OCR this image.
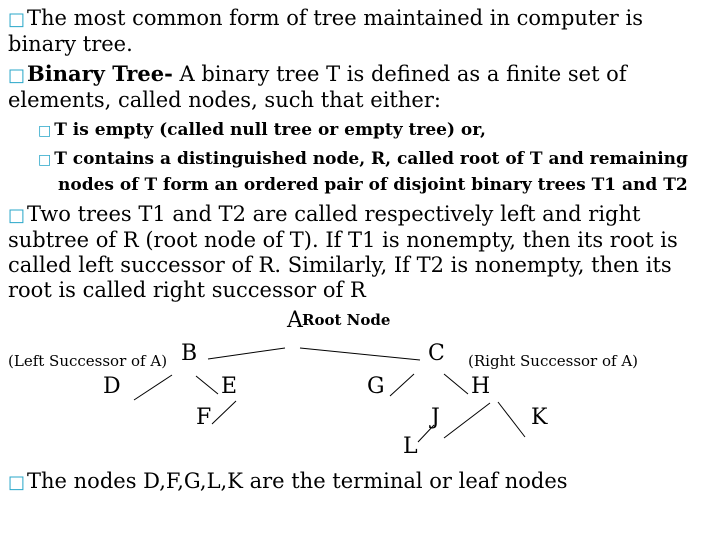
□The most common form of tree maintained in computer is binary tree.
□Binary Tree- A binary tree T is defined as a finite set of elements, called nodes, such that either:
□ T is empty (called null tree or empty tree) or,
□ T contains a distinguished node, R, called root of T and remaining nodes of T form an ordered pair of disjoint binary trees T1 and T2
□Two trees T1 and T2 are called respectively left and right subtree of R (root node of T). If T1 is nonempty, then its root is called left successor of R. Similarly, If T2 is nonempty, then its root is called right successor of R
A Root Node
(Left Successor of A) B	C (Right Successor of A)
D	E	G	H
F	J	K
L
□The nodes D,F,G,L,K are the terminal or leaf nodes
